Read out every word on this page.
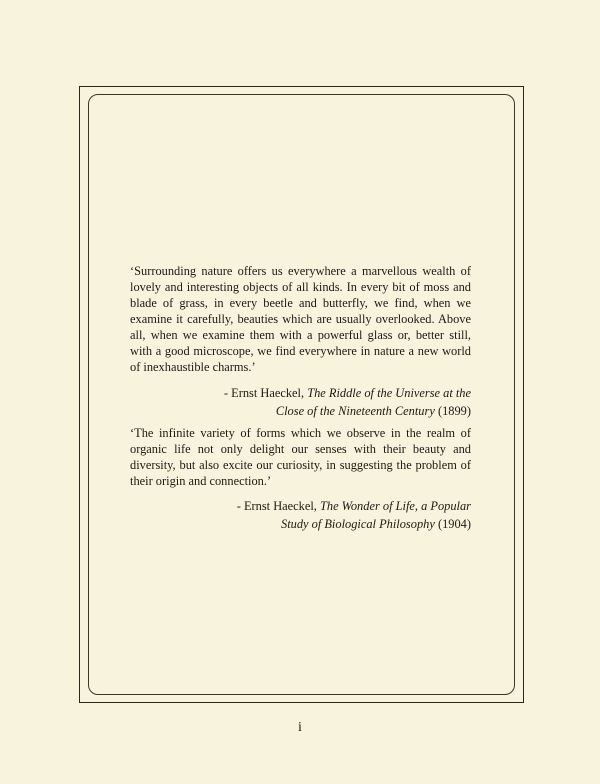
‘Surrounding nature offers us everywhere a marvellous wealth of lovely and interesting objects of all kinds. In every bit of moss and blade of grass, in every beetle and butterfly, we find, when we examine it carefully, beauties which are usually overlooked. Above all, when we examine them with a powerful glass or, better still, with a good microscope, we find everywhere in nature a new world of inexhaustible charms.’

- Ernst Haeckel, The Riddle of the Universe at the
Close of the Nineteenth Century (1899)

‘The infinite variety of forms which we observe in the realm of organic life not only delight our senses with their beauty and diversity, but also excite our curiosity, in suggesting the problem of their origin and connection.’

- Ernst Haeckel, The Wonder of Life, a Popular
Study of Biological Philosophy (1904)

i
